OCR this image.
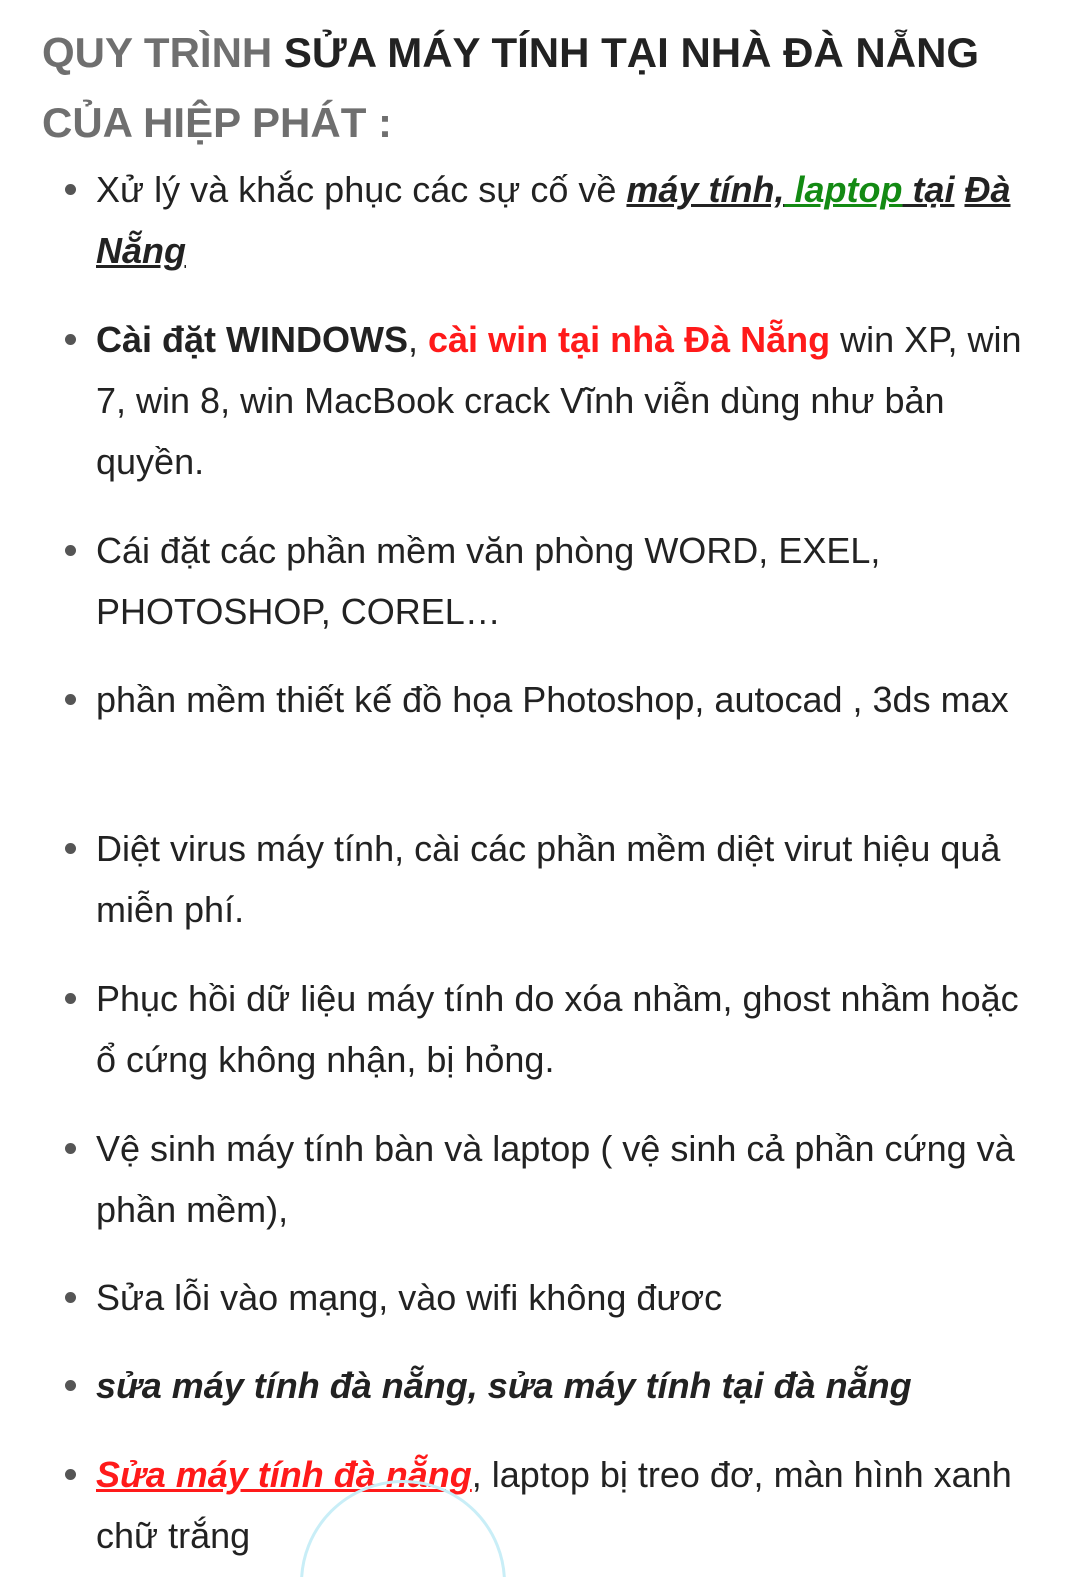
QUY TRÌNH SỬA MÁY TÍNH TẠI NHÀ ĐÀ NẴNG
CỦA HIỆP PHÁT :
Xử lý và khắc phục các sự cố về máy tính, laptop tại Đà Nẵng
Cài đặt WINDOWS, cài win tại nhà Đà Nẵng win XP, win 7, win 8, win MacBook crack Vĩnh viễn dùng như bản quyền.
Cái đặt các phần mềm văn phòng WORD, EXEL, PHOTOSHOP, COREL…
phần mềm thiết kế đồ họa Photoshop, autocad , 3ds max
Diệt virus máy tính, cài các phần mềm diệt virut hiệu quả miễn phí.
Phục hồi dữ liệu máy tính do xóa nhầm, ghost nhầm hoặc ổ cứng không nhận, bị hỏng.
Vệ sinh máy tính bàn và laptop ( vệ sinh cả phần cứng và phần mềm),
Sửa lỗi vào mạng, vào wifi không đươc
sửa máy tính đà nẵng, sửa máy tính tại đà nẵng
Sửa máy tính đà nẵng, laptop bị treo đơ, màn hình xanh chữ trắng
